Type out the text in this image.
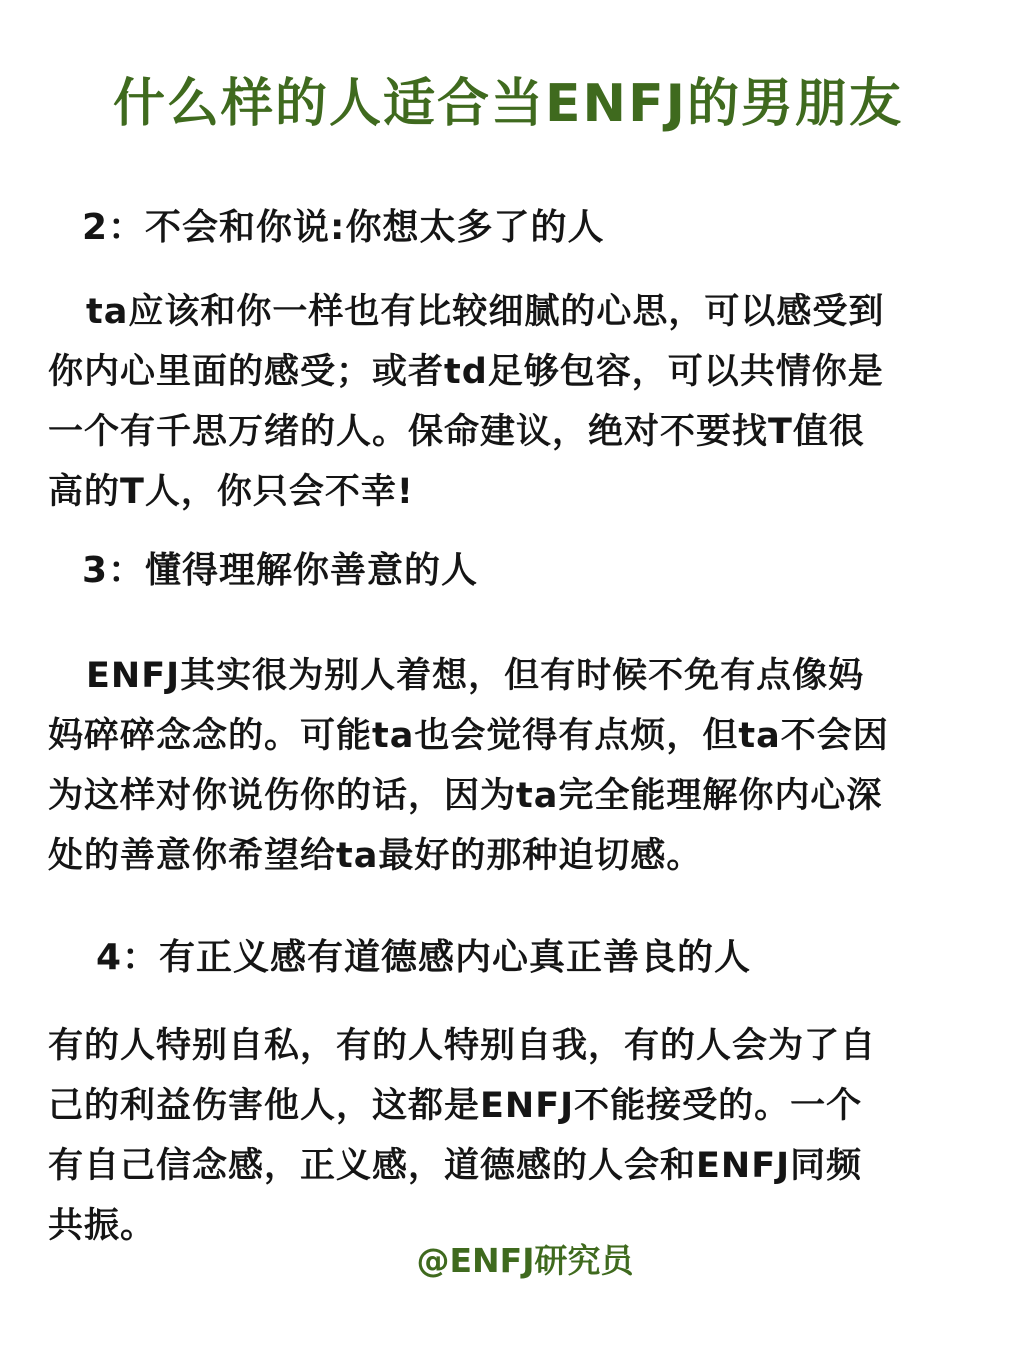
什么样的人适合当ENFJ的男朋友
2：不会和你说:你想太多了的人
ta应该和你一样也有比较细腻的心思，可以感受到
你内心里面的感受；或者td足够包容，可以共情你是
一个有千思万绪的人。保命建议，绝对不要找T值很
高的T人，你只会不幸!
3：懂得理解你善意的人
ENFJ其实很为别人着想，但有时候不免有点像妈
妈碎碎念念的。可能ta也会觉得有点烦，但ta不会因
为这样对你说伤你的话，因为ta完全能理解你内心深
处的善意你希望给ta最好的那种迫切感。
4：有正义感有道德感内心真正善良的人
有的人特别自私，有的人特别自我，有的人会为了自
己的利益伤害他人，这都是ENFJ不能接受的。一个
有自己信念感，正义感，道德感的人会和ENFJ同频
共振。
@ENFJ研究员
